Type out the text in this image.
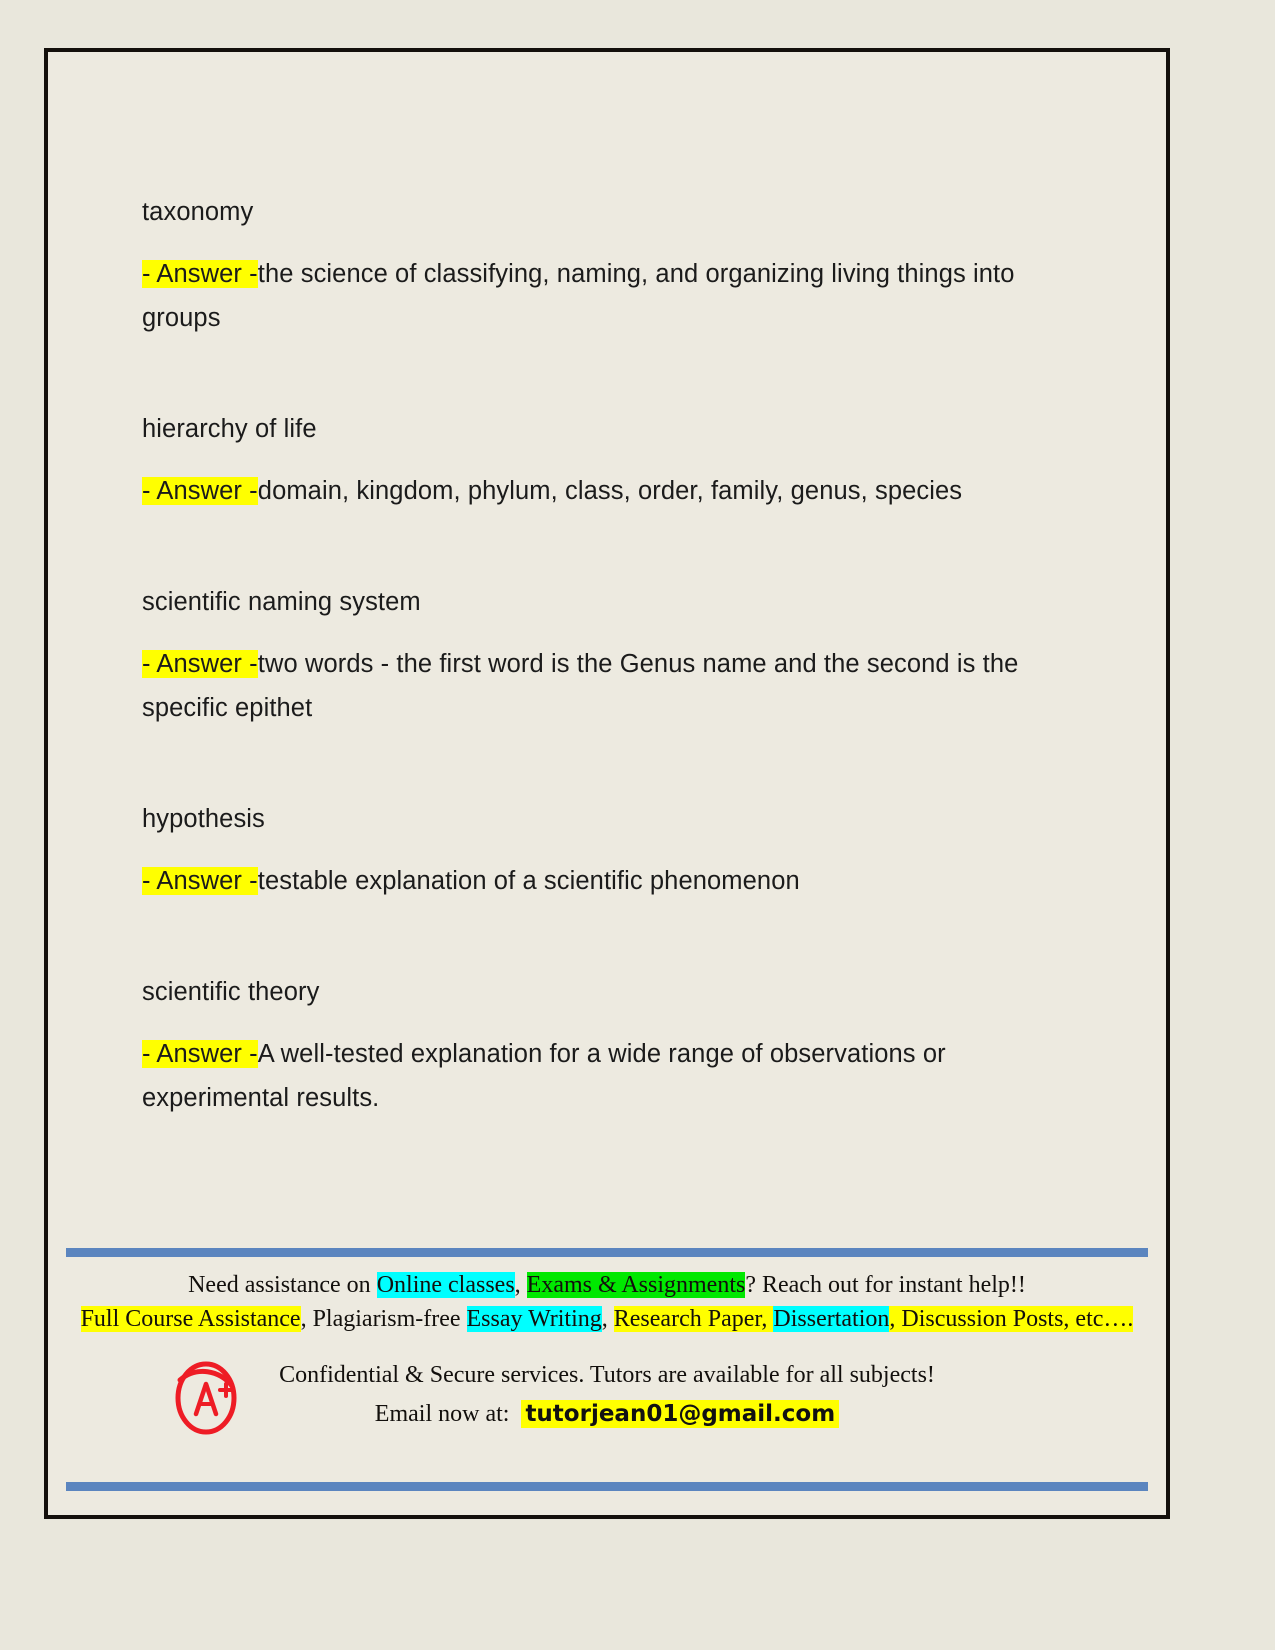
taxonomy
- Answer -the science of classifying, naming, and organizing living things into groups
hierarchy of life
- Answer -domain, kingdom, phylum, class, order, family, genus, species
scientific naming system
- Answer -two words - the first word is the Genus name and the second is the specific epithet
hypothesis
- Answer -testable explanation of a scientific phenomenon
scientific theory
- Answer -A well-tested explanation for a wide range of observations or experimental results.
Need assistance on Online classes, Exams & Assignments? Reach out for instant help!!
Full Course Assistance, Plagiarism-free Essay Writing, Research Paper, Dissertation, Discussion Posts, etc….
Confidential & Secure services. Tutors are available for all subjects!
Email now at: tutorjean01@gmail.com
